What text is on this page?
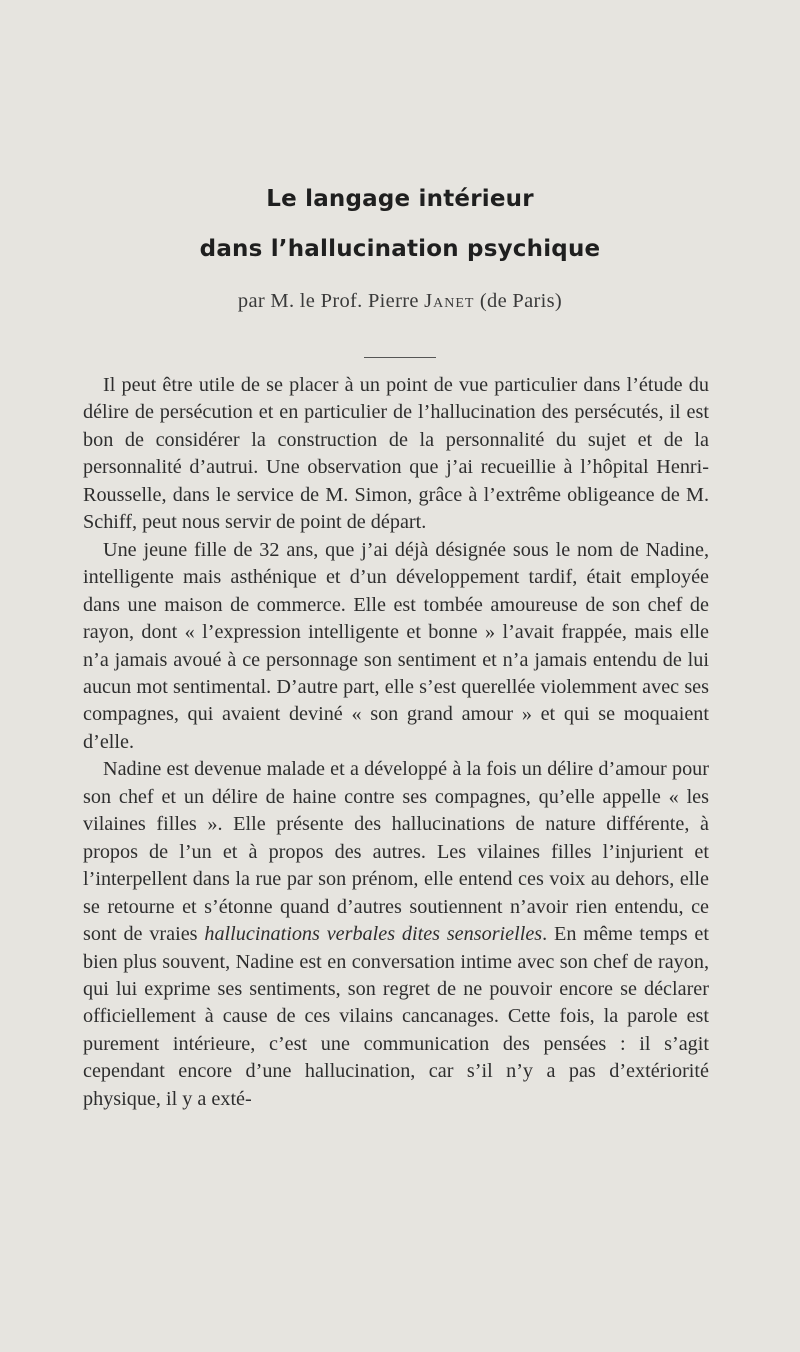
Le langage intérieur
dans l’hallucination psychique
par M. le Prof. Pierre Janet (de Paris)

Il peut être utile de se placer à un point de vue particulier dans l’étude du délire de persécution et en particulier de l’hallucination des persécutés, il est bon de considérer la construction de la personnalité du sujet et de la personnalité d’autrui. Une observation que j’ai recueillie à l’hôpital Henri-Rousselle, dans le service de M. Simon, grâce à l’extrême obligeance de M. Schiff, peut nous servir de point de départ.

Une jeune fille de 32 ans, que j’ai déjà désignée sous le nom de Nadine, intelligente mais asthénique et d’un développement tardif, était employée dans une maison de commerce. Elle est tombée amoureuse de son chef de rayon, dont « l’expression intelligente et bonne » l’avait frappée, mais elle n’a jamais avoué à ce personnage son sentiment et n’a jamais entendu de lui aucun mot sentimental. D’autre part, elle s’est querellée violemment avec ses compagnes, qui avaient deviné « son grand amour » et qui se moquaient d’elle.

Nadine est devenue malade et a développé à la fois un délire d’amour pour son chef et un délire de haine contre ses compagnes, qu’elle appelle « les vilaines filles ». Elle présente des hallucinations de nature différente, à propos de l’un et à propos des autres. Les vilaines filles l’injurient et l’interpellent dans la rue par son prénom, elle entend ces voix au dehors, elle se retourne et s’étonne quand d’autres soutiennent n’avoir rien entendu, ce sont de vraies hallucinations verbales dites sensorielles. En même temps et bien plus souvent, Nadine est en conversation intime avec son chef de rayon, qui lui exprime ses sentiments, son regret de ne pouvoir encore se déclarer officiellement à cause de ces vilains cancanages. Cette fois, la parole est purement intérieure, c’est une communication des pensées : il s’agit cependant encore d’une hallucination, car s’il n’y a pas d’extériorité physique, il y a exté-
